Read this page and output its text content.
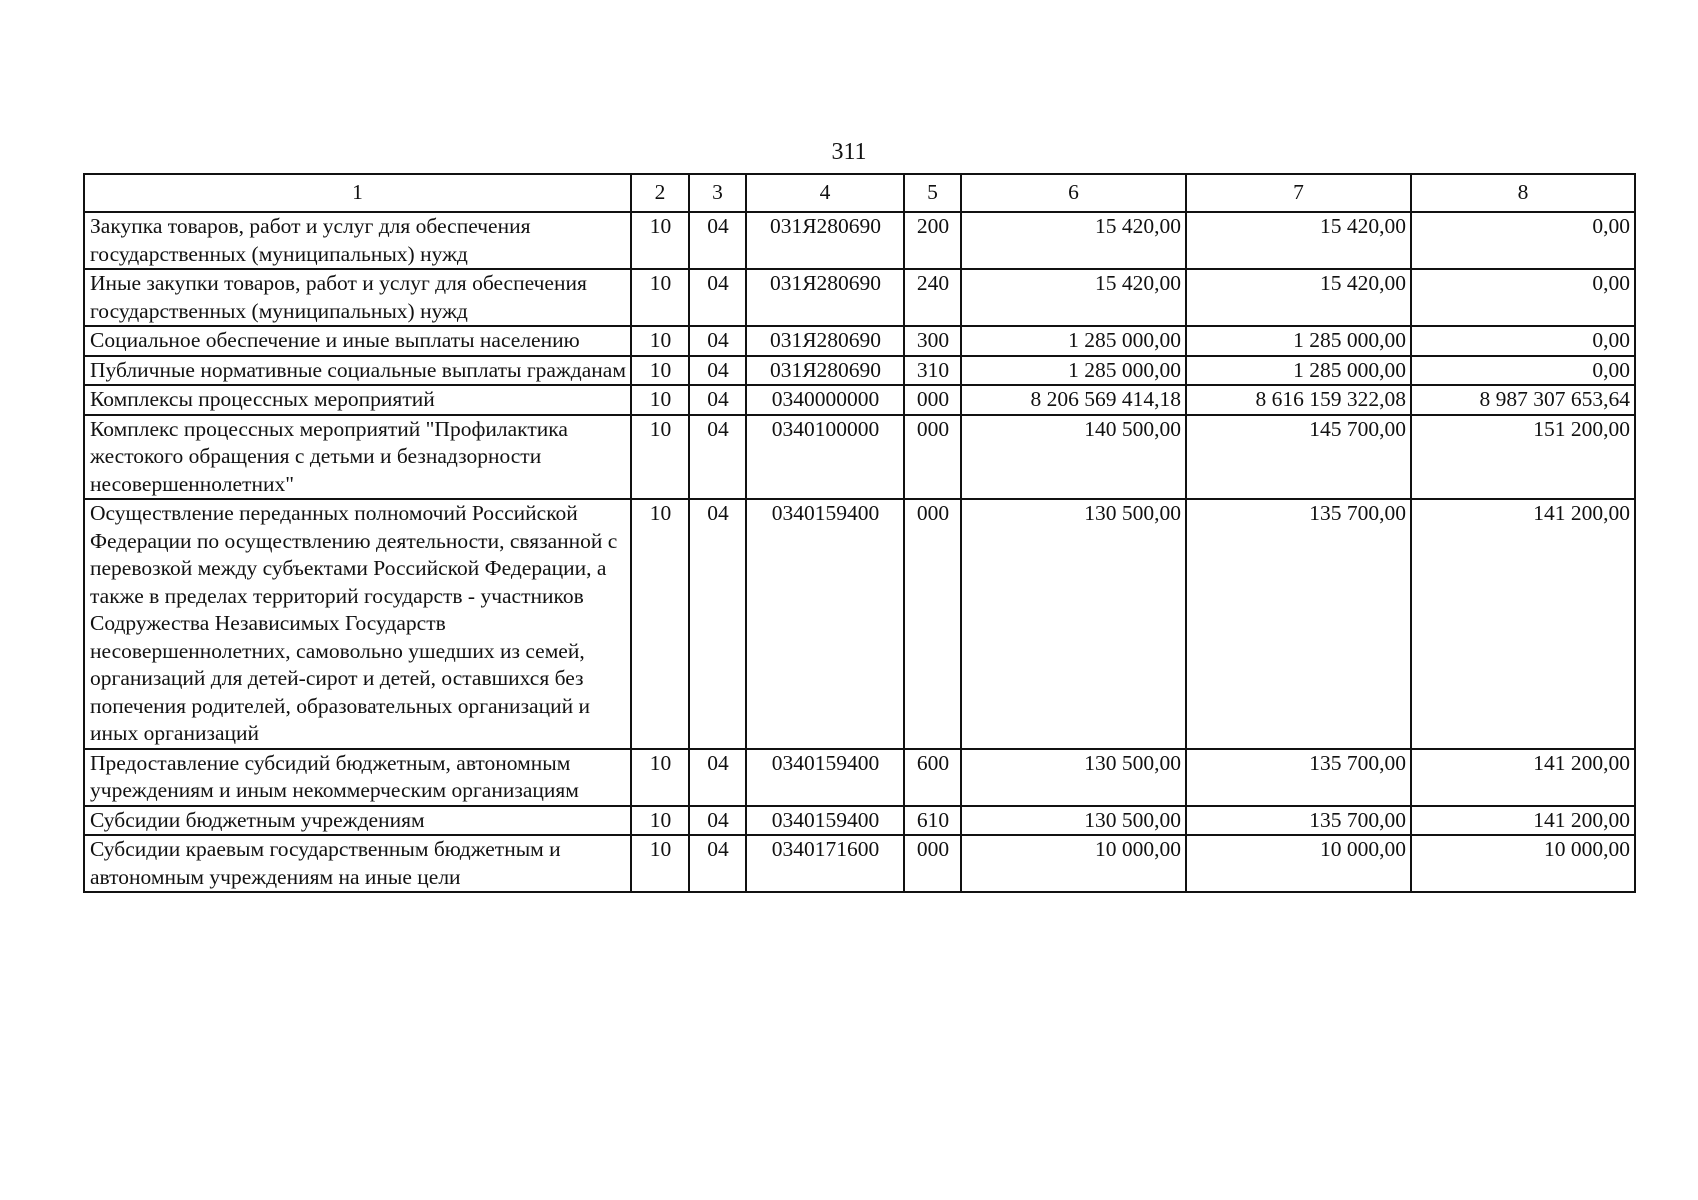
311
1	2	3	4	5	6	7	8
Закупка товаров, работ и услуг для обеспечения государственных (муниципальных) нужд	10	04	031Я280690	200	15 420,00	15 420,00	0,00
Иные закупки товаров, работ и услуг для обеспечения государственных (муниципальных) нужд	10	04	031Я280690	240	15 420,00	15 420,00	0,00
Социальное обеспечение и иные выплаты населению	10	04	031Я280690	300	1 285 000,00	1 285 000,00	0,00
Публичные нормативные социальные выплаты гражданам	10	04	031Я280690	310	1 285 000,00	1 285 000,00	0,00
Комплексы процессных мероприятий	10	04	0340000000	000	8 206 569 414,18	8 616 159 322,08	8 987 307 653,64
Комплекс процессных мероприятий "Профилактика жестокого обращения с детьми и безнадзорности несовершеннолетних"	10	04	0340100000	000	140 500,00	145 700,00	151 200,00
Осуществление переданных полномочий Российской Федерации по осуществлению деятельности, связанной с перевозкой между субъектами Российской Федерации, а также в пределах территорий государств - участников Содружества Независимых Государств несовершеннолетних, самовольно ушедших из семей, организаций для детей-сирот и детей, оставшихся без попечения родителей, образовательных организаций и иных организаций	10	04	0340159400	000	130 500,00	135 700,00	141 200,00
Предоставление субсидий бюджетным, автономным учреждениям и иным некоммерческим организациям	10	04	0340159400	600	130 500,00	135 700,00	141 200,00
Субсидии бюджетным учреждениям	10	04	0340159400	610	130 500,00	135 700,00	141 200,00
Субсидии краевым государственным бюджетным и автономным учреждениям на иные цели	10	04	0340171600	000	10 000,00	10 000,00	10 000,00
